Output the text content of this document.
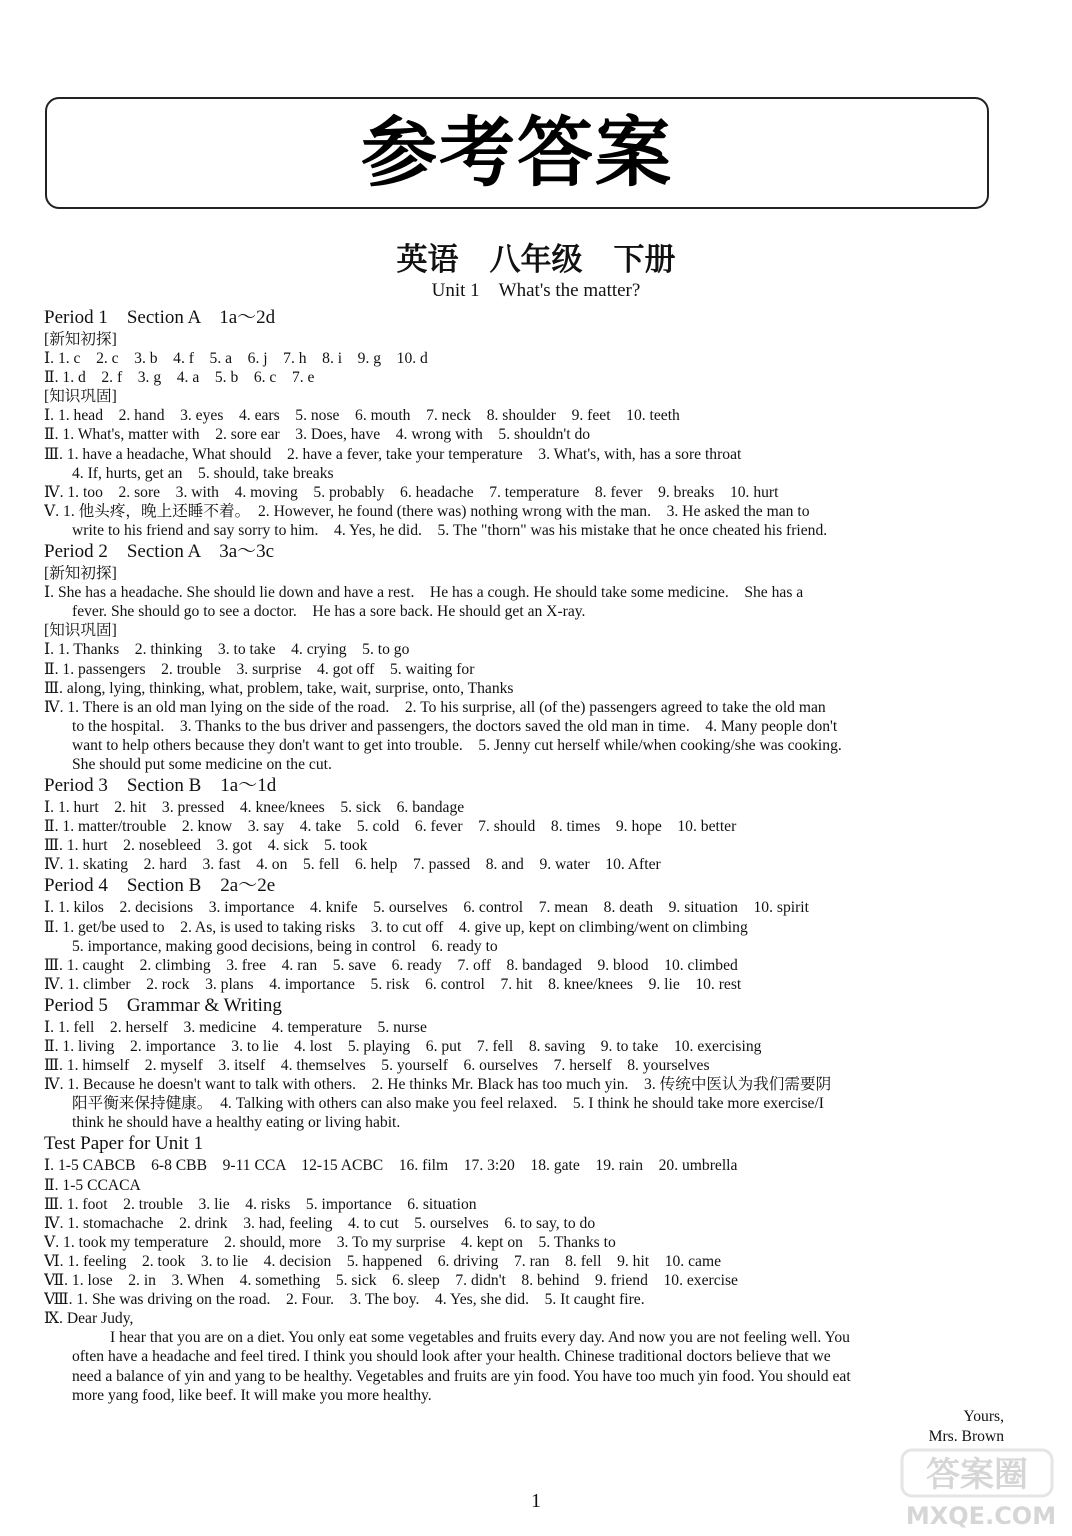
参考答案
英语　八年级　下册
Unit 1　What's the matter?
Period 1　Section A　1a～2d
[新知初探]
Ⅰ. 1. c　2. c　3. b　4. f　5. a　6. j　7. h　8. i　9. g　10. d
Ⅱ. 1. d　2. f　3. g　4. a　5. b　6. c　7. e
[知识巩固]
Ⅰ. 1. head　2. hand　3. eyes　4. ears　5. nose　6. mouth　7. neck　8. shoulder　9. feet　10. teeth
Ⅱ. 1. What's, matter with　2. sore ear　3. Does, have　4. wrong with　5. shouldn't do
Ⅲ. 1. have a headache, What should　2. have a fever, take your temperature　3. What's, with, has a sore throat
4. If, hurts, get an　5. should, take breaks
Ⅳ. 1. too　2. sore　3. with　4. moving　5. probably　6. headache　7. temperature　8. fever　9. breaks　10. hurt
Ⅴ. 1. 他头疼，晚上还睡不着。　2. However, he found (there was) nothing wrong with the man.　3. He asked the man to
write to his friend and say sorry to him.　4. Yes, he did.　5. The "thorn" was his mistake that he once cheated his friend.
Period 2　Section A　3a～3c
[新知初探]
Ⅰ. She has a headache. She should lie down and have a rest.　He has a cough. He should take some medicine.　She has a
fever. She should go to see a doctor.　He has a sore back. He should get an X-ray.
[知识巩固]
Ⅰ. 1. Thanks　2. thinking　3. to take　4. crying　5. to go
Ⅱ. 1. passengers　2. trouble　3. surprise　4. got off　5. waiting for
Ⅲ. along, lying, thinking, what, problem, take, wait, surprise, onto, Thanks
Ⅳ. 1. There is an old man lying on the side of the road.　2. To his surprise, all (of the) passengers agreed to take the old man
to the hospital.　3. Thanks to the bus driver and passengers, the doctors saved the old man in time.　4. Many people don't
want to help others because they don't want to get into trouble.　5. Jenny cut herself while/when cooking/she was cooking.
She should put some medicine on the cut.
Period 3　Section B　1a～1d
Ⅰ. 1. hurt　2. hit　3. pressed　4. knee/knees　5. sick　6. bandage
Ⅱ. 1. matter/trouble　2. know　3. say　4. take　5. cold　6. fever　7. should　8. times　9. hope　10. better
Ⅲ. 1. hurt　2. nosebleed　3. got　4. sick　5. took
Ⅳ. 1. skating　2. hard　3. fast　4. on　5. fell　6. help　7. passed　8. and　9. water　10. After
Period 4　Section B　2a～2e
Ⅰ. 1. kilos　2. decisions　3. importance　4. knife　5. ourselves　6. control　7. mean　8. death　9. situation　10. spirit
Ⅱ. 1. get/be used to　2. As, is used to taking risks　3. to cut off　4. give up, kept on climbing/went on climbing
5. importance, making good decisions, being in control　6. ready to
Ⅲ. 1. caught　2. climbing　3. free　4. ran　5. save　6. ready　7. off　8. bandaged　9. blood　10. climbed
Ⅳ. 1. climber　2. rock　3. plans　4. importance　5. risk　6. control　7. hit　8. knee/knees　9. lie　10. rest
Period 5　Grammar & Writing
Ⅰ. 1. fell　2. herself　3. medicine　4. temperature　5. nurse
Ⅱ. 1. living　2. importance　3. to lie　4. lost　5. playing　6. put　7. fell　8. saving　9. to take　10. exercising
Ⅲ. 1. himself　2. myself　3. itself　4. themselves　5. yourself　6. ourselves　7. herself　8. yourselves
Ⅳ. 1. Because he doesn't want to talk with others.　2. He thinks Mr. Black has too much yin.　3. 传统中医认为我们需要阴
阳平衡来保持健康。　4. Talking with others can also make you feel relaxed.　5. I think he should take more exercise/I
think he should have a healthy eating or living habit.
Test Paper for Unit 1
Ⅰ. 1-5 CABCB　6-8 CBB　9-11 CCA　12-15 ACBC　16. film　17. 3:20　18. gate　19. rain　20. umbrella
Ⅱ. 1-5 CCACA
Ⅲ. 1. foot　2. trouble　3. lie　4. risks　5. importance　6. situation
Ⅳ. 1. stomachache　2. drink　3. had, feeling　4. to cut　5. ourselves　6. to say, to do
Ⅴ. 1. took my temperature　2. should, more　3. To my surprise　4. kept on　5. Thanks to
Ⅵ. 1. feeling　2. took　3. to lie　4. decision　5. happened　6. driving　7. ran　8. fell　9. hit　10. came
Ⅶ. 1. lose　2. in　3. When　4. something　5. sick　6. sleep　7. didn't　8. behind　9. friend　10. exercise
Ⅷ. 1. She was driving on the road.　2. Four.　3. The boy.　4. Yes, she did.　5. It caught fire.
Ⅸ. Dear Judy,
I hear that you are on a diet. You only eat some vegetables and fruits every day. And now you are not feeling well. You
often have a headache and feel tired. I think you should look after your health. Chinese traditional doctors believe that we
need a balance of yin and yang to be healthy. Vegetables and fruits are yin food. You have too much yin food. You should eat
more yang food, like beef. It will make you more healthy.
Yours,
Mrs. Brown
1
答案圈
MXQE.COM
